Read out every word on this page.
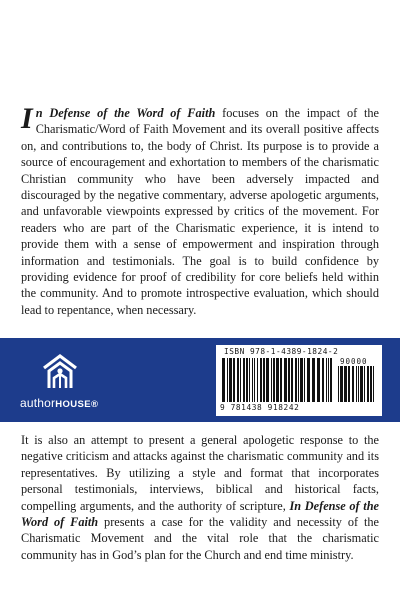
In Defense of the Word of Faith focuses on the impact of the Charismatic/Word of Faith Movement and its overall positive affects on, and contributions to, the body of Christ. Its purpose is to provide a source of encouragement and exhortation to members of the charismatic Christian community who have been adversely impacted and discouraged by the negative commentary, adverse apologetic arguments, and unfavorable viewpoints expressed by critics of the movement. For readers who are part of the Charismatic experience, it is intend to provide them with a sense of empowerment and inspiration through information and testimonials. The goal is to build confidence by providing evidence for proof of credibility for core beliefs held within the community. And to promote introspective evaluation, which should lead to repentance, when necessary.
authorHOUSE®
ISBN 978-1-4389-1824-2
90000
9 781438 918242
It is also an attempt to present a general apologetic response to the negative criticism and attacks against the charismatic community and its representatives. By utilizing a style and format that incorporates personal testimonials, interviews, biblical and historical facts, compelling arguments, and the authority of scripture, In Defense of the Word of Faith presents a case for the validity and necessity of the Charismatic Movement and the vital role that the charismatic community has in God’s plan for the Church and end time ministry.
